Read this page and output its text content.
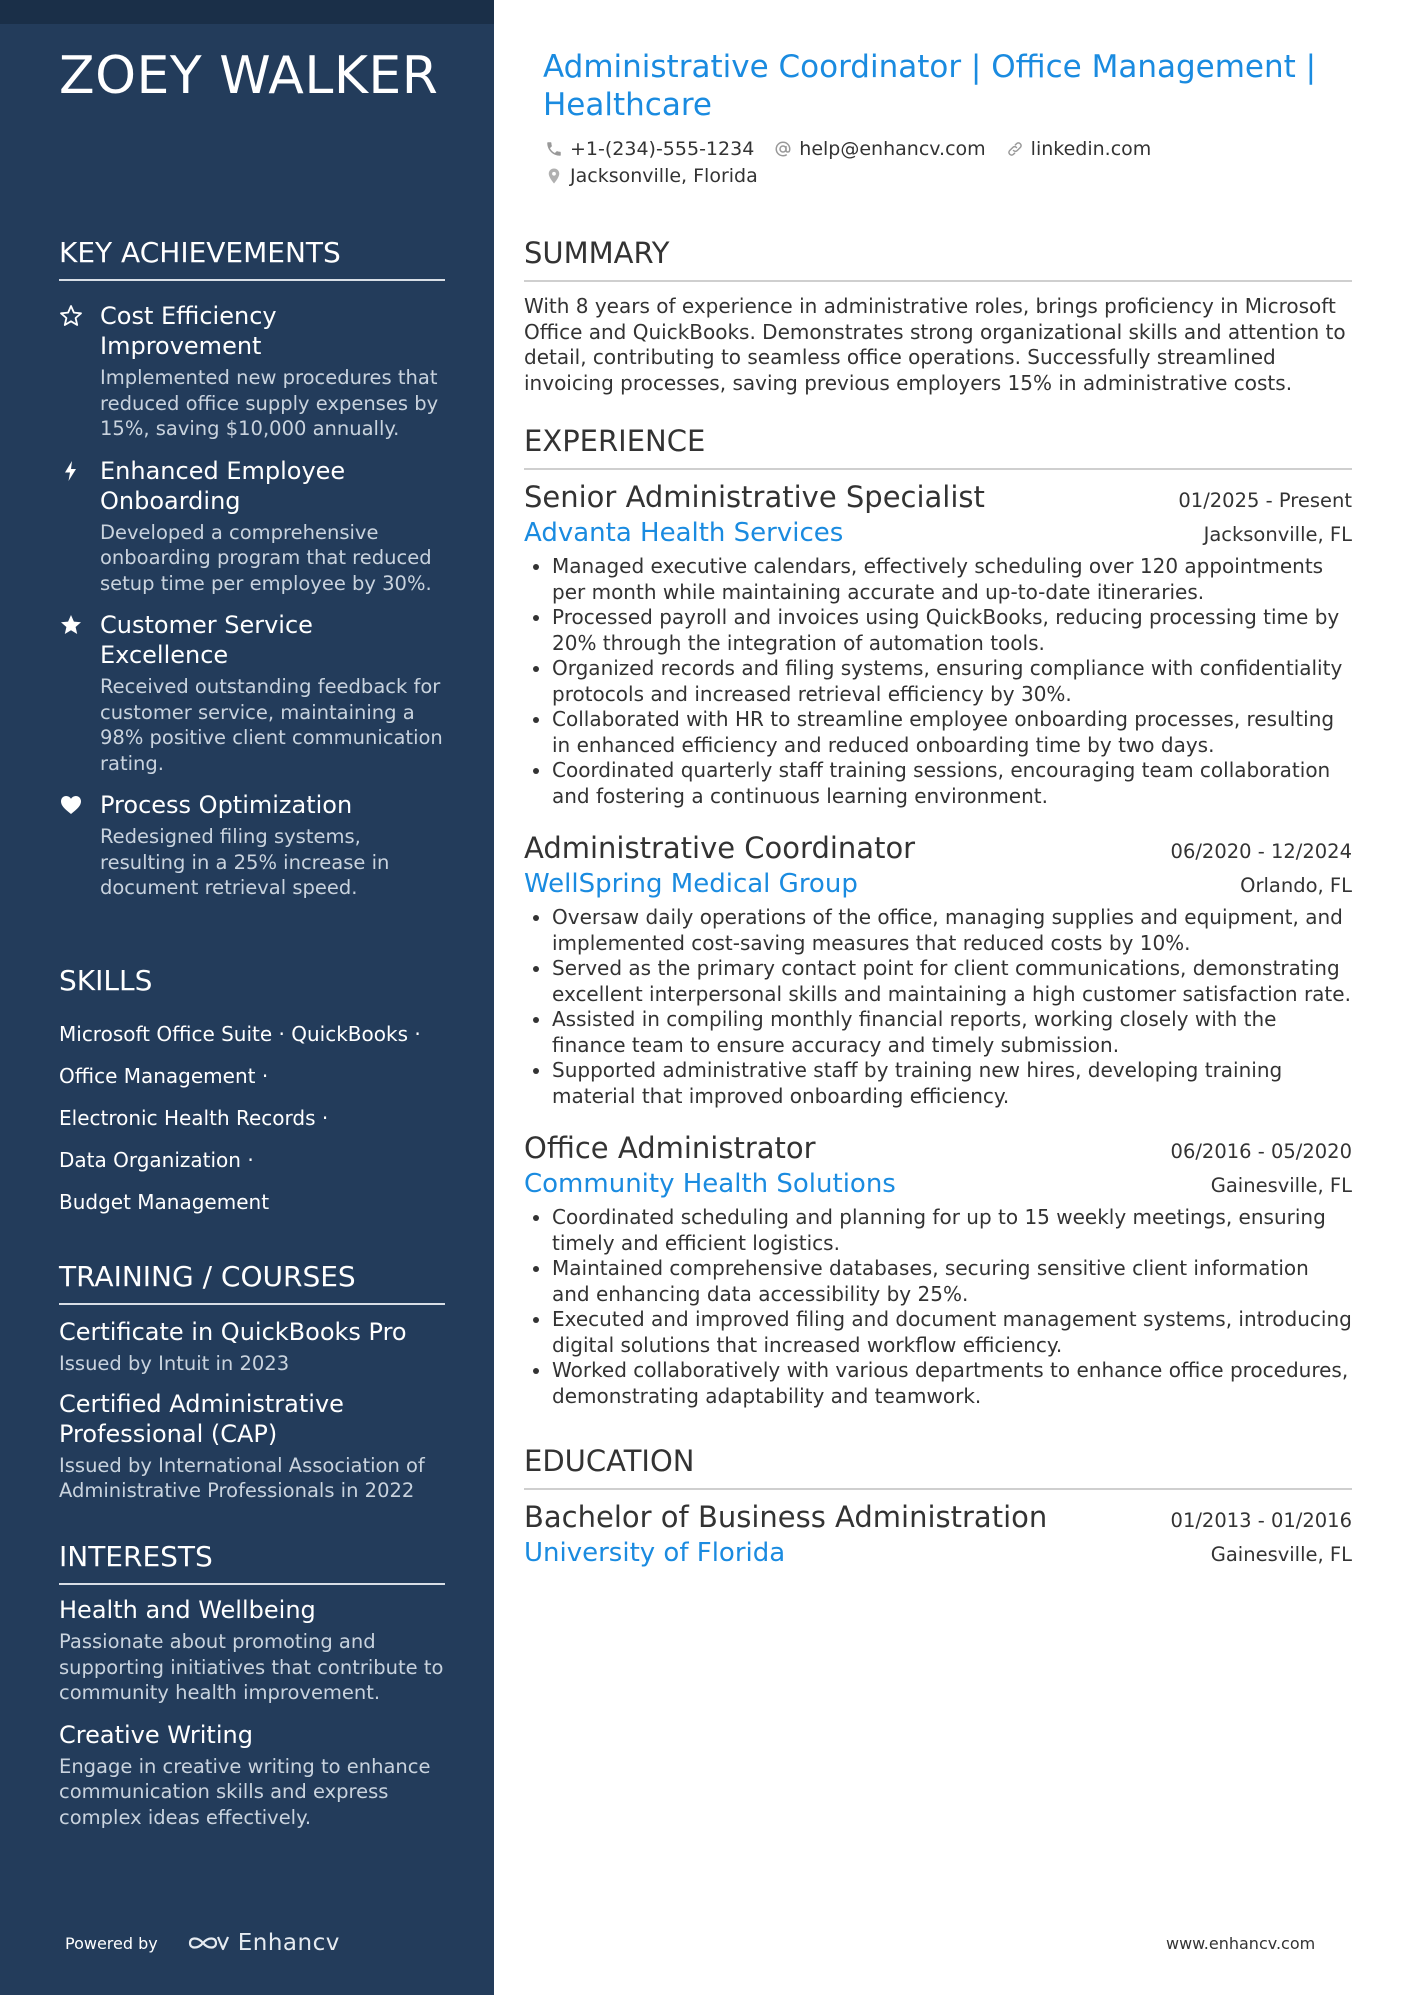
ZOEY WALKER
KEY ACHIEVEMENTS
Cost Efficiency Improvement
Implemented new procedures that reduced office supply expenses by 15%, saving $10,000 annually.
Enhanced Employee Onboarding
Developed a comprehensive onboarding program that reduced setup time per employee by 30%.
Customer Service Excellence
Received outstanding feedback for customer service, maintaining a 98% positive client communication rating.
Process Optimization
Redesigned filing systems, resulting in a 25% increase in document retrieval speed.
SKILLS
Microsoft Office Suite · QuickBooks ·
Office Management ·
Electronic Health Records ·
Data Organization ·
Budget Management
TRAINING / COURSES
Certificate in QuickBooks Pro
Issued by Intuit in 2023
Certified Administrative Professional (CAP)
Issued by International Association of Administrative Professionals in 2022
INTERESTS
Health and Wellbeing
Passionate about promoting and supporting initiatives that contribute to community health improvement.
Creative Writing
Engage in creative writing to enhance communication skills and express complex ideas effectively.
Powered by	Enhancv
Administrative Coordinator | Office Management | Healthcare
+1-(234)-555-1234 help@enhancv.com linkedin.com
Jacksonville, Florida
SUMMARY
With 8 years of experience in administrative roles, brings proficiency in Microsoft Office and QuickBooks. Demonstrates strong organizational skills and attention to detail, contributing to seamless office operations. Successfully streamlined invoicing processes, saving previous employers 15% in administrative costs.
EXPERIENCE
Senior Administrative Specialist	01/2025 - Present
Advanta Health Services	Jacksonville, FL
• Managed executive calendars, effectively scheduling over 120 appointments per month while maintaining accurate and up-to-date itineraries.
• Processed payroll and invoices using QuickBooks, reducing processing time by 20% through the integration of automation tools.
• Organized records and filing systems, ensuring compliance with confidentiality protocols and increased retrieval efficiency by 30%.
• Collaborated with HR to streamline employee onboarding processes, resulting in enhanced efficiency and reduced onboarding time by two days.
• Coordinated quarterly staff training sessions, encouraging team collaboration and fostering a continuous learning environment.
Administrative Coordinator	06/2020 - 12/2024
WellSpring Medical Group	Orlando, FL
• Oversaw daily operations of the office, managing supplies and equipment, and implemented cost-saving measures that reduced costs by 10%.
• Served as the primary contact point for client communications, demonstrating excellent interpersonal skills and maintaining a high customer satisfaction rate.
• Assisted in compiling monthly financial reports, working closely with the finance team to ensure accuracy and timely submission.
• Supported administrative staff by training new hires, developing training material that improved onboarding efficiency.
Office Administrator	06/2016 - 05/2020
Community Health Solutions	Gainesville, FL
• Coordinated scheduling and planning for up to 15 weekly meetings, ensuring timely and efficient logistics.
• Maintained comprehensive databases, securing sensitive client information and enhancing data accessibility by 25%.
• Executed and improved filing and document management systems, introducing digital solutions that increased workflow efficiency.
• Worked collaboratively with various departments to enhance office procedures, demonstrating adaptability and teamwork.
EDUCATION
Bachelor of Business Administration	01/2013 - 01/2016
University of Florida	Gainesville, FL
www.enhancv.com
